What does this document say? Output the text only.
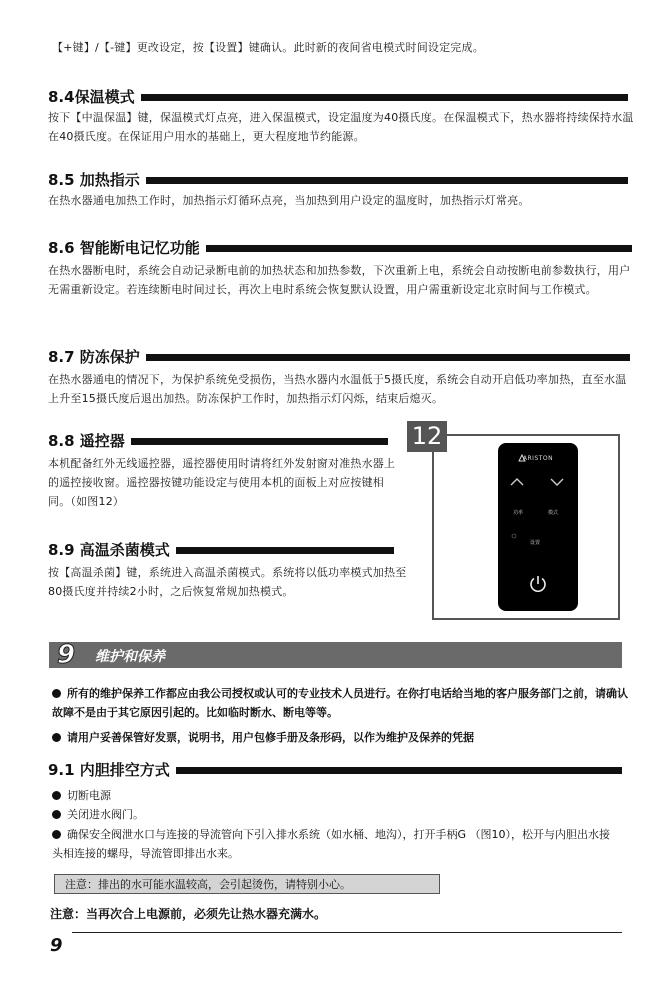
【+键】/【-键】更改设定，按【设置】键确认。此时新的夜间省电模式时间设定完成。
8.4保温模式
按下【中温保温】键，保温模式灯点亮，进入保温模式，设定温度为40摄氏度。在保温模式下，热水器将持续保持水温在40摄氏度。在保证用户用水的基础上，更大程度地节约能源。
8.5 加热指示
在热水器通电加热工作时，加热指示灯循环点亮，当加热到用户设定的温度时，加热指示灯常亮。
8.6 智能断电记忆功能
在热水器断电时，系统会自动记录断电前的加热状态和加热参数，下次重新上电，系统会自动按断电前参数执行，用户无需重新设定。若连续断电时间过长，再次上电时系统会恢复默认设置，用户需重新设定北京时间与工作模式。
8.7 防冻保护
在热水器通电的情况下，为保护系统免受损伤，当热水器内水温低于5摄氏度，系统会自动开启低功率加热，直至水温上升至15摄氏度后退出加热。防冻保护工作时，加热指示灯闪烁，结束后熄灭。
8.8 遥控器
本机配备红外无线遥控器，遥控器使用时请将红外发射窗对准热水器上的遥控接收窗。遥控器按键功能设定与使用本机的面板上对应按键相同。（如图12）
8.9 高温杀菌模式
按【高温杀菌】键，系统进入高温杀菌模式。系统将以低功率模式加热至80摄氏度并持续2小时，之后恢复常规加热模式。
12
ARISTON
功率	模式
设置
9 维护和保养
所有的维护保养工作都应由我公司授权或认可的专业技术人员进行。在你打电话给当地的客户服务部门之前，请确认故障不是由于其它原因引起的。比如临时断水、断电等等。
请用户妥善保管好发票，说明书，用户包修手册及条形码，以作为维护及保养的凭据
9.1 内胆排空方式
切断电源
关闭进水阀门。
确保安全阀泄水口与连接的导流管向下引入排水系统（如水桶、地沟），打开手柄G （图10），松开与内胆出水接头相连接的螺母，导流管即排出水来。
注意：排出的水可能水温较高，会引起烫伤，请特别小心。
注意：当再次合上电源前，必须先让热水器充满水。
9
